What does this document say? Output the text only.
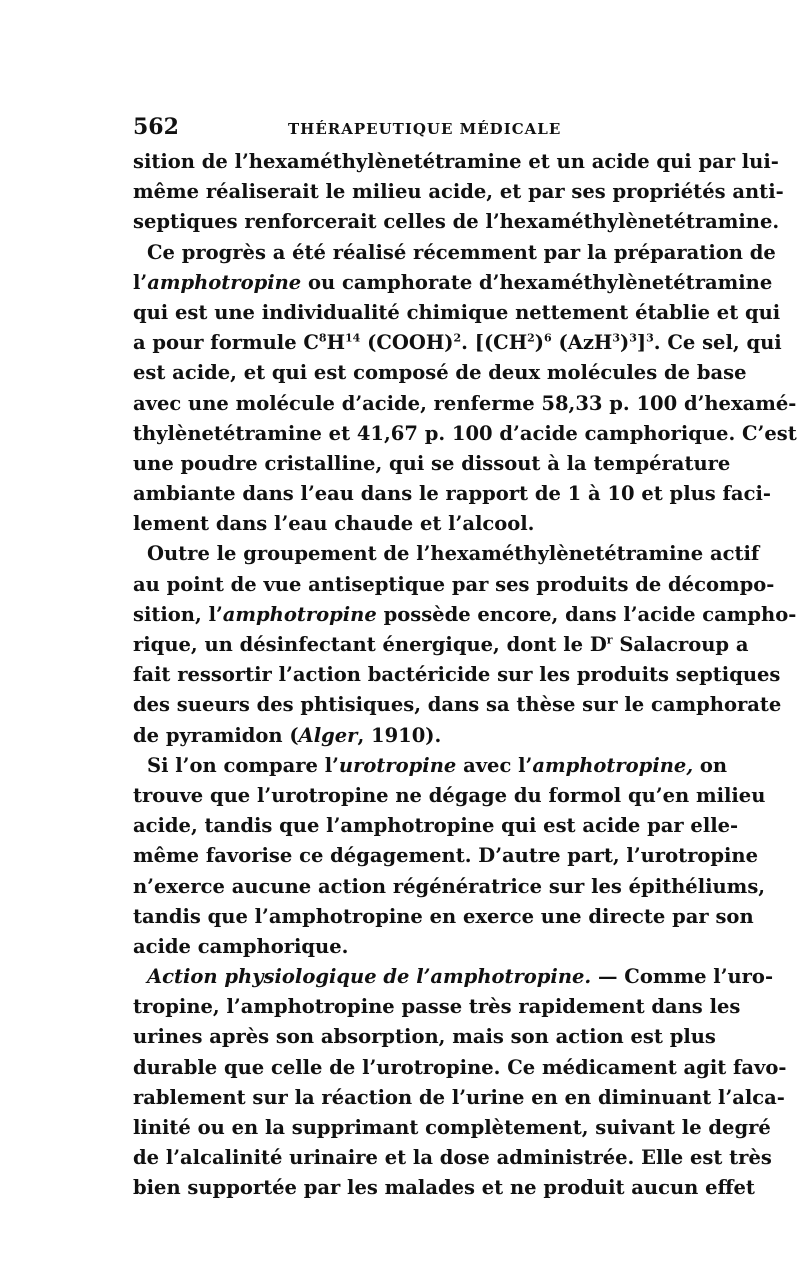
562	THÉRAPEUTIQUE MÉDICALE
sition de l’hexaméthylènetétramine et un acide qui par lui-
même réaliserait le milieu acide, et par ses propriétés anti-
septiques renforcerait celles de l’hexaméthylènetétramine.
Ce progrès a été réalisé récemment par la préparation de
l’amphotropine ou camphorate d’hexaméthylènetétramine
qui est une individualité chimique nettement établie et qui
a pour formule $C^8H^{14}$ (COOH)$^2$. [$(CH^2)^6$ $(AzH^3)^3]^3$. Ce sel, qui
est acide, et qui est composé de deux molécules de base
avec une molécule d’acide, renferme 58,33 p. 100 d’hexamé-
thylènetétramine et 41,67 p. 100 d’acide camphorique. C’est
une poudre cristalline, qui se dissout à la température
ambiante dans l’eau dans le rapport de 1 à 10 et plus faci-
lement dans l’eau chaude et l’alcool.
Outre le groupement de l’hexaméthylènetétramine actif
au point de vue antiseptique par ses produits de décompo-
sition, l’amphotropine possède encore, dans l’acide campho-
rique, un désinfectant énergique, dont le $D^r$ Salacroup a
fait ressortir l’action bactéricide sur les produits septiques
des sueurs des phtisiques, dans sa thèse sur le camphorate
de pyramidon (Alger, 1910).
Si l’on compare l’urotropine avec l’amphotropine, on
trouve que l’urotropine ne dégage du formol qu’en milieu
acide, tandis que l’amphotropine qui est acide par elle-
même favorise ce dégagement. D’autre part, l’urotropine
n’exerce aucune action régénératrice sur les épithéliums,
tandis que l’amphotropine en exerce une directe par son
acide camphorique.
Action physiologique de l’amphotropine. — Comme l’uro-
tropine, l’amphotropine passe très rapidement dans les
urines après son absorption, mais son action est plus
durable que celle de l’urotropine. Ce médicament agit favo-
rablement sur la réaction de l’urine en en diminuant l’alca-
linité ou en la supprimant complètement, suivant le degré
de l’alcalinité urinaire et la dose administrée. Elle est très
bien supportée par les malades et ne produit aucun effet
